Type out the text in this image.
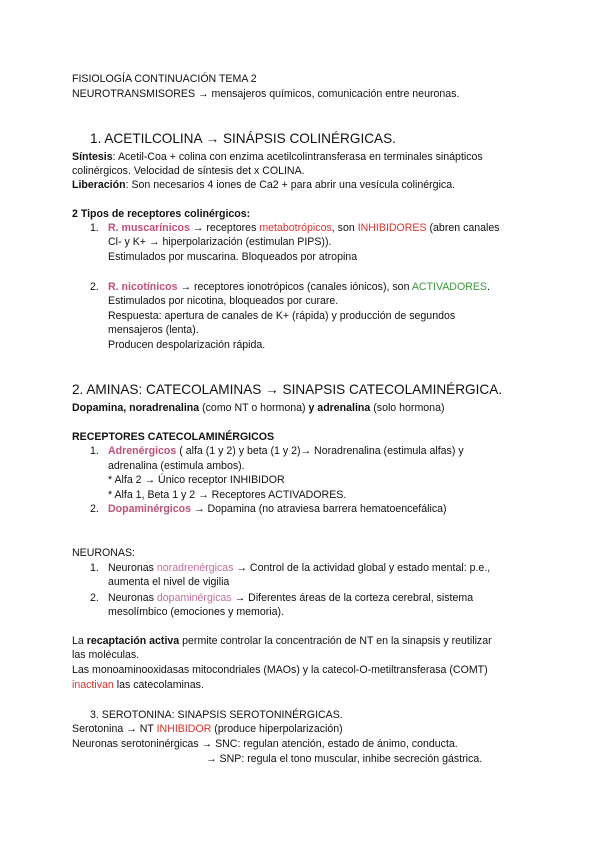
FISIOLOGÍA CONTINUACIÓN TEMA 2
NEUROTRANSMISORES → mensajeros químicos, comunicación entre neuronas.
1. ACETILCOLINA → SINÁPSIS COLINÉRGICAS.
Síntesis: Acetil-Coa + colina con enzima acetilcolintransferasa en terminales sinápticos
colinérgicos. Velocidad de síntesis det x COLINA.
Liberación: Son necesarios 4 iones de Ca2 + para abrir una vesícula colinérgica.
2 Tipos de receptores colinérgicos:
1. R. muscarínicos → receptores metabotrópicos, son INHIBIDORES (abren canales
Cl- y K+ → hiperpolarización (estimulan PIPS)).
Estimulados por muscarina. Bloqueados por atropina
2. R. nicotínicos → receptores ionotrópicos (canales iónicos), son ACTIVADORES.
Estimulados por nicotina, bloqueados por curare.
Respuesta: apertura de canales de K+ (rápida) y producción de segundos
mensajeros (lenta).
Producen despolarización rápida.
2. AMINAS: CATECOLAMINAS → SINAPSIS CATECOLAMINÉRGICA.
Dopamina, noradrenalina (como NT o hormona) y adrenalina (solo hormona)
RECEPTORES CATECOLAMINÉRGICOS
1. Adrenérgicos ( alfa (1 y 2) y beta (1 y 2)→ Noradrenalina (estimula alfas) y
adrenalina (estimula ambos).
* Alfa 2 → Único receptor INHIBIDOR
* Alfa 1, Beta 1 y 2 → Receptores ACTIVADORES.
2. Dopaminérgicos → Dopamina (no atraviesa barrera hematoencefálica)
NEURONAS:
1. Neuronas noradrenérgicas → Control de la actividad global y estado mental: p.e.,
aumenta el nivel de vigilia
2. Neuronas dopaminérgicas → Diferentes áreas de la corteza cerebral, sistema
mesolímbico (emociones y memoria).
La recaptación activa permite controlar la concentración de NT en la sinapsis y reutilizar
las moléculas.
Las monoaminooxidasas mitocondriales (MAOs) y la catecol-O-metiltransferasa (COMT)
inactivan las catecolaminas.
3. SEROTONINA: SINAPSIS SEROTONINÉRGICAS.
Serotonina → NT INHIBIDOR (produce hiperpolarización)
Neuronas serotoninérgicas → SNC: regulan atención, estado de ánimo, conducta.
→ SNP: regula el tono muscular, inhibe secreción gástrica.
